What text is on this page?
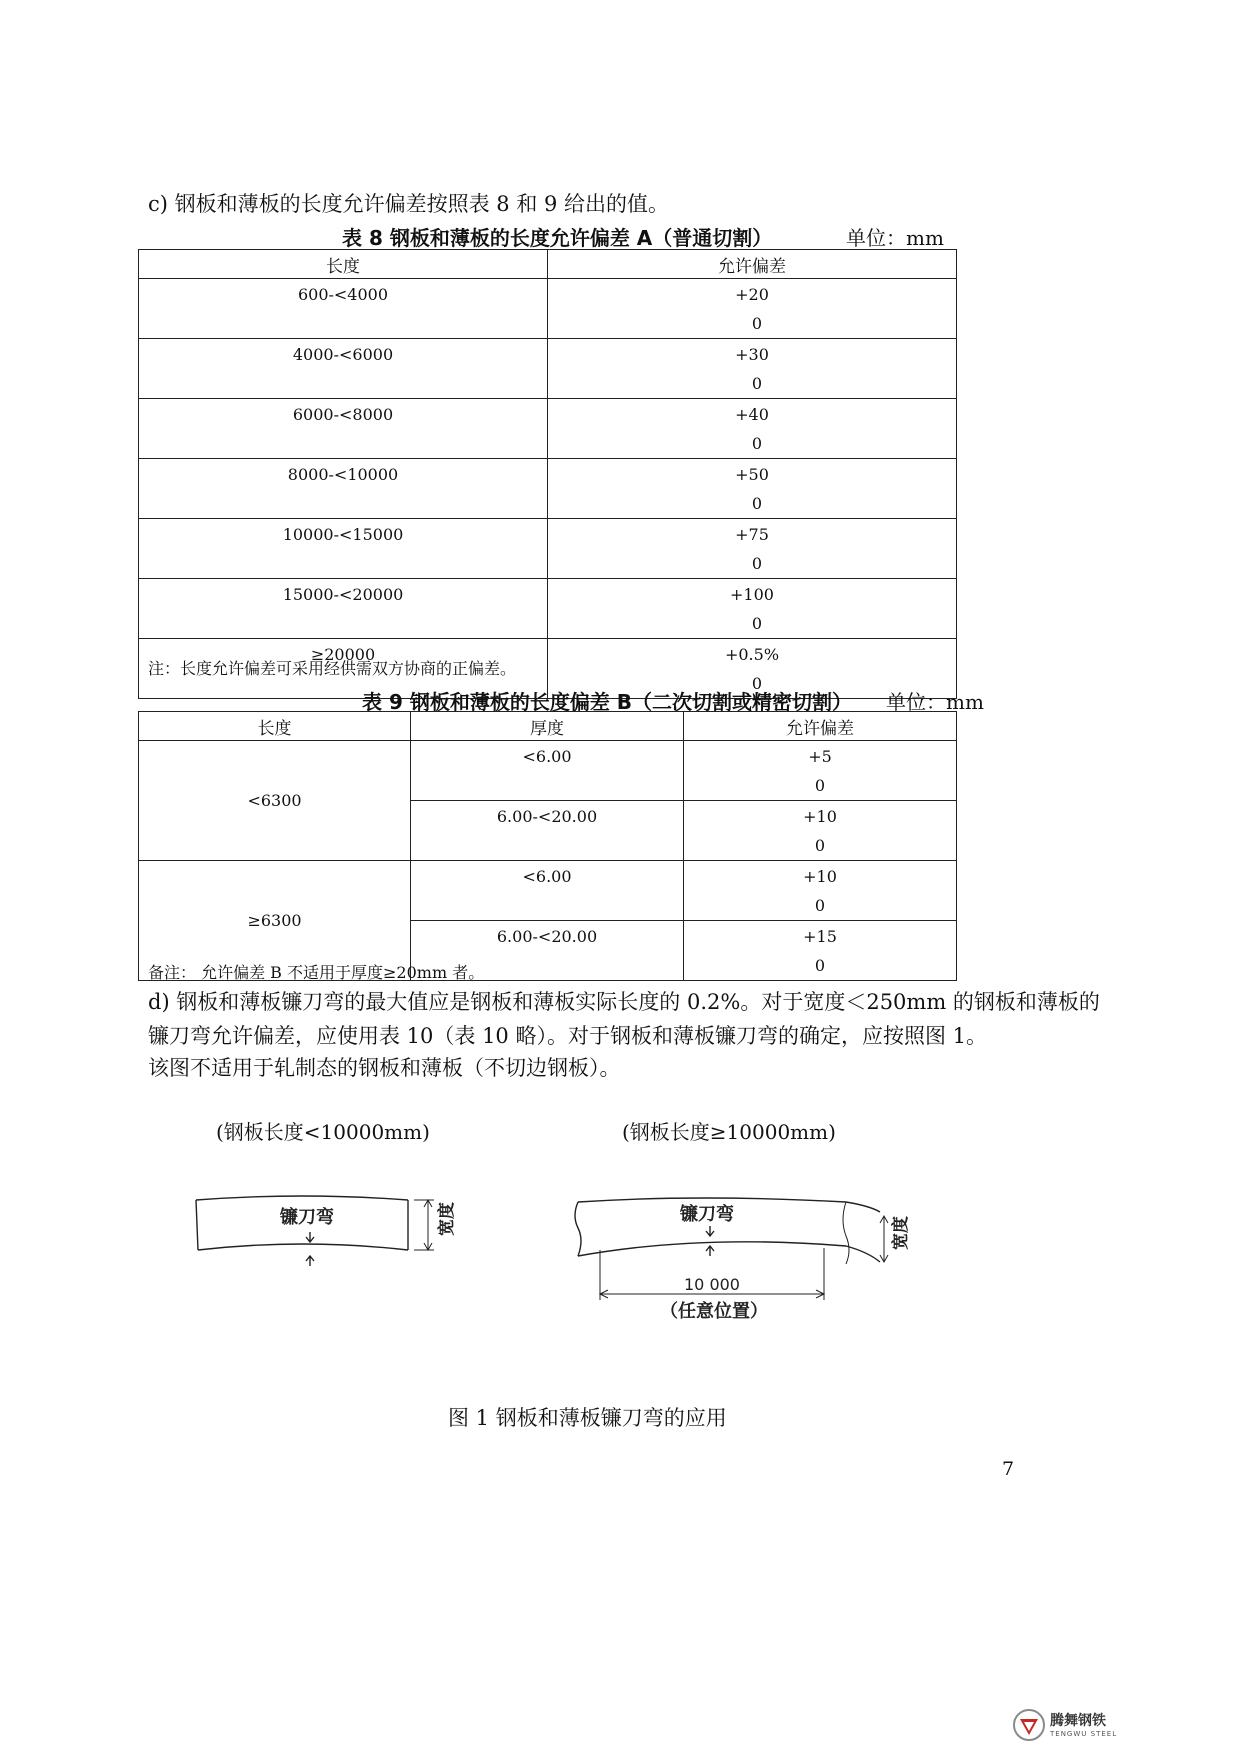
c) 钢板和薄板的长度允许偏差按照表 8 和 9 给出的值。
表 8 钢板和薄板的长度允许偏差 A（普通切割）	单位：mm
长度	允许偏差

600-<4000	+20
0

4000-<6000	+30
0

6000-<8000	+40
0

8000-<10000	+50
0

10000-<15000	+75
0

15000-<20000	+100
0

≥20000	+0.5%
0
注：长度允许偏差可采用经供需双方协商的正偏差。
表 9 钢板和薄板的长度偏差 B（二次切割或精密切割） 单位：mm
长度	厚度	允许偏差
<6300	<6.00	+5
0

	6.00-<20.00	+10
0

≥6300	<6.00	+10
0

	6.00-<20.00	+15
0
备注： 允许偏差 B 不适用于厚度≥20mm 者。
d) 钢板和薄板镰刀弯的最大值应是钢板和薄板实际长度的 0.2%。对于宽度＜250mm 的钢板和薄板的
镰刀弯允许偏差，应使用表 10（表 10 略）。对于钢板和薄板镰刀弯的确定，应按照图 1。
该图不适用于轧制态的钢板和薄板（不切边钢板）。
(钢板长度<10000mm)	(钢板长度≥10000mm)
镰刀弯	宽度	镰刀弯
宽度
10 000
（任意位置）
图 1 钢板和薄板镰刀弯的应用
7
腾舞钢铁
TENGWU STEEL
